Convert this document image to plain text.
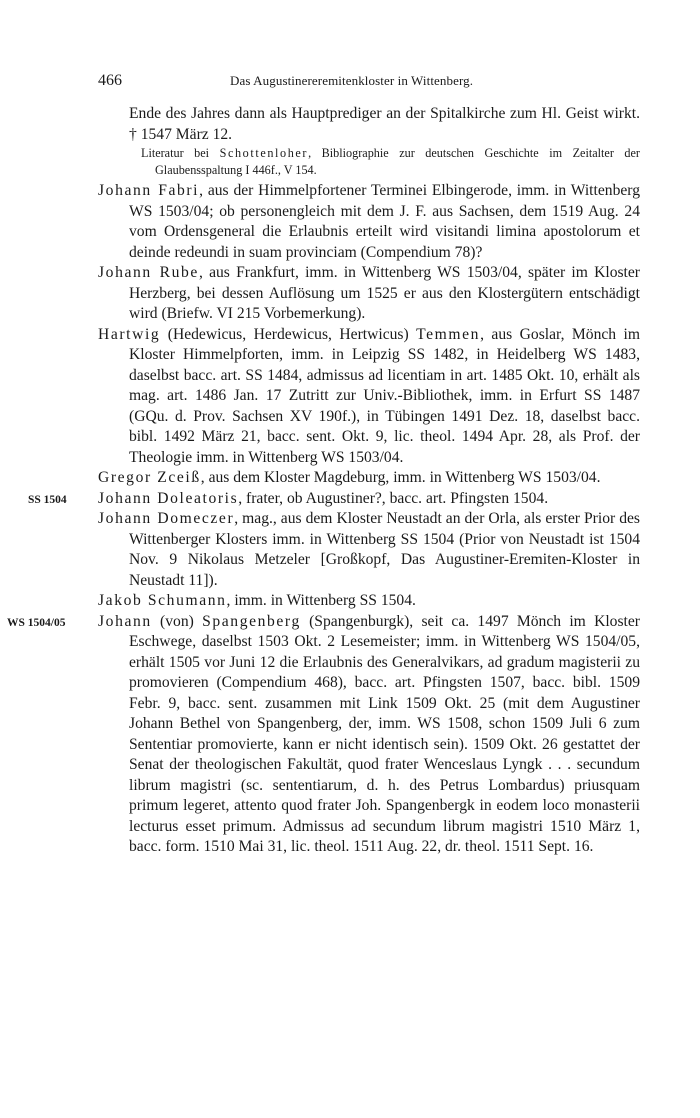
466	Das Augustinereremitenkloster in Wittenberg.

Ende des Jahres dann als Hauptprediger an der Spitalkirche zum Hl. Geist wirkt. † 1547 März 12.

Literatur bei Schottenloher, Bibliographie zur deutschen Geschichte im Zeitalter der Glaubensspaltung I 446f., V 154.

Johann Fabri, aus der Himmelpfortener Terminei Elbingerode, imm. in Wittenberg WS 1503/04; ob personengleich mit dem J. F. aus Sachsen, dem 1519 Aug. 24 vom Ordensgeneral die Erlaubnis erteilt wird visitandi limina apostolorum et deinde redeundi in suam provinciam (Compendium 78)?

Johann Rube, aus Frankfurt, imm. in Wittenberg WS 1503/04, später im Kloster Herzberg, bei dessen Auflösung um 1525 er aus den Klostergütern entschädigt wird (Briefw. VI 215 Vorbemerkung).

Hartwig (Hedewicus, Herdewicus, Hertwicus) Temmen, aus Goslar, Mönch im Kloster Himmelpforten, imm. in Leipzig SS 1482, in Heidelberg WS 1483, daselbst bacc. art. SS 1484, admissus ad licentiam in art. 1485 Okt. 10, erhält als mag. art. 1486 Jan. 17 Zutritt zur Univ.-Bibliothek, imm. in Erfurt SS 1487 (GQu. d. Prov. Sachsen XV 190f.), in Tübingen 1491 Dez. 18, daselbst bacc. bibl. 1492 März 21, bacc. sent. Okt. 9, lic. theol. 1494 Apr. 28, als Prof. der Theologie imm. in Wittenberg WS 1503/04.

Gregor Zceiß, aus dem Kloster Magdeburg, imm. in Wittenberg WS 1503/04.

SS 1504 Johann Doleatoris, frater, ob Augustiner?, bacc. art. Pfingsten 1504.

Johann Domeczer, mag., aus dem Kloster Neustadt an der Orla, als erster Prior des Wittenberger Klosters imm. in Wittenberg SS 1504 (Prior von Neustadt ist 1504 Nov. 9 Nikolaus Metzeler [Großkopf, Das Augustiner-Eremiten-Kloster in Neustadt 11]).

Jakob Schumann, imm. in Wittenberg SS 1504.

WS 1504/05 Johann (von) Spangenberg (Spangenburgk), seit ca. 1497 Mönch im Kloster Eschwege, daselbst 1503 Okt. 2 Lesemeister; imm. in Wittenberg WS 1504/05, erhält 1505 vor Juni 12 die Erlaubnis des Generalvikars, ad gradum magisterii zu promovieren (Compendium 468), bacc. art. Pfingsten 1507, bacc. bibl. 1509 Febr. 9, bacc. sent. zusammen mit Link 1509 Okt. 25 (mit dem Augustiner Johann Bethel von Spangenberg, der, imm. WS 1508, schon 1509 Juli 6 zum Sententiar promovierte, kann er nicht identisch sein). 1509 Okt. 26 gestattet der Senat der theologischen Fakultät, quod frater Wenceslaus Lyngk . . . secundum librum magistri (sc. sententiarum, d. h. des Petrus Lombardus) priusquam primum legeret, attento quod frater Joh. Spangenbergk in eodem loco monasterii lecturus esset primum. Admissus ad secundum librum magistri 1510 März 1, bacc. form. 1510 Mai 31, lic. theol. 1511 Aug. 22, dr. theol. 1511 Sept. 16.
